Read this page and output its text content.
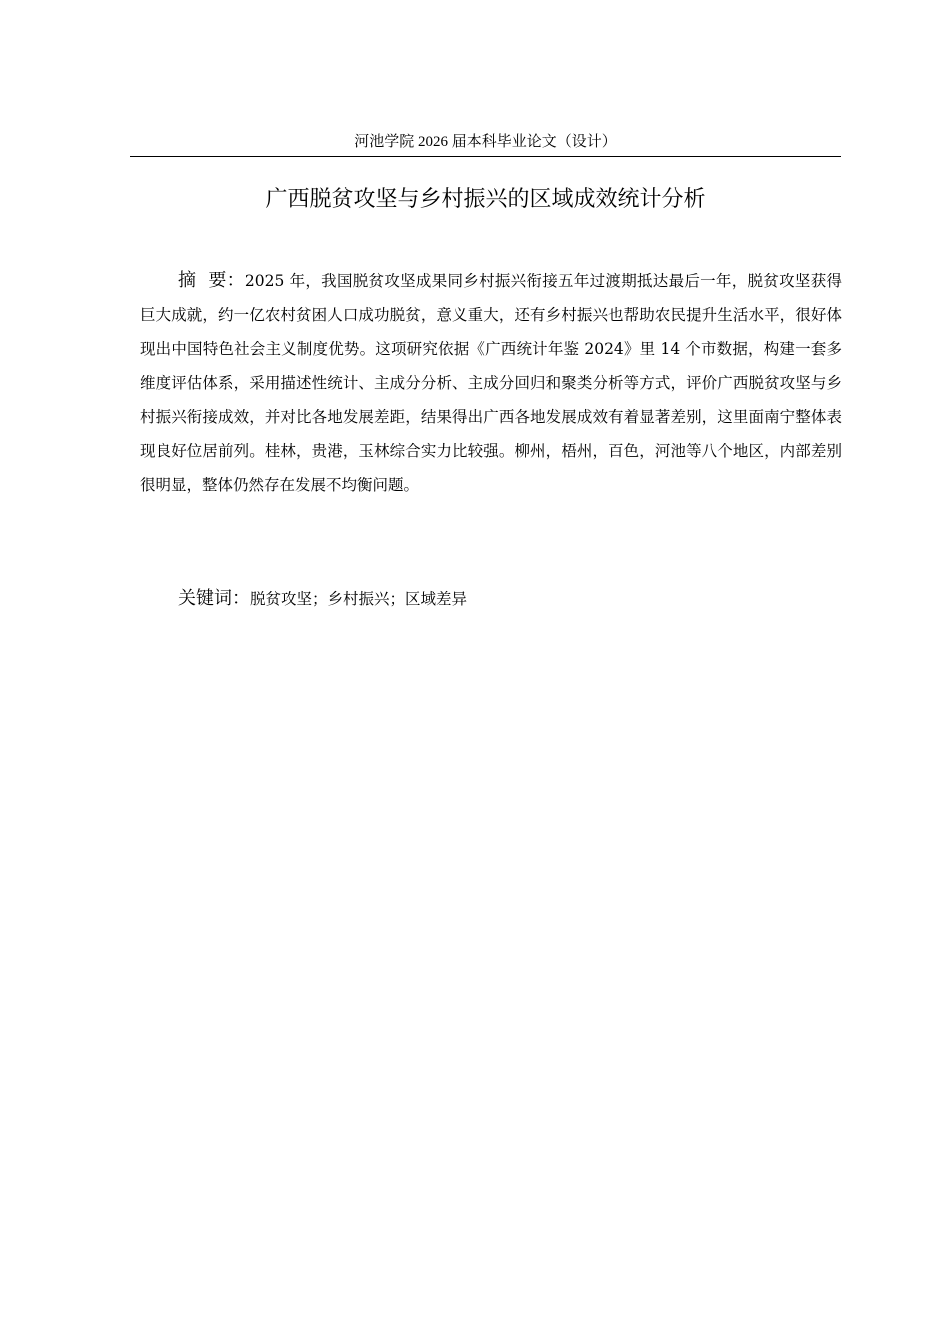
河池学院 2026 届本科毕业论文（设计）
广西脱贫攻坚与乡村振兴的区域成效统计分析

摘  要：2025 年，我国脱贫攻坚成果同乡村振兴衔接五年过渡期抵达最后一年，脱贫攻坚获得巨大成就，约一亿农村贫困人口成功脱贫，意义重大，还有乡村振兴也帮助农民提升生活水平，很好体现出中国特色社会主义制度优势。这项研究依据《广西统计年鉴 2024》里 14 个市数据，构建一套多维度评估体系，采用描述性统计、主成分分析、主成分回归和聚类分析等方式，评价广西脱贫攻坚与乡村振兴衔接成效，并对比各地发展差距，结果得出广西各地发展成效有着显著差别，这里面南宁整体表现良好位居前列。桂林，贵港，玉林综合实力比较强。柳州，梧州，百色，河池等八个地区，内部差别很明显，整体仍然存在发展不均衡问题。

关键词：脱贫攻坚；乡村振兴；区域差异
